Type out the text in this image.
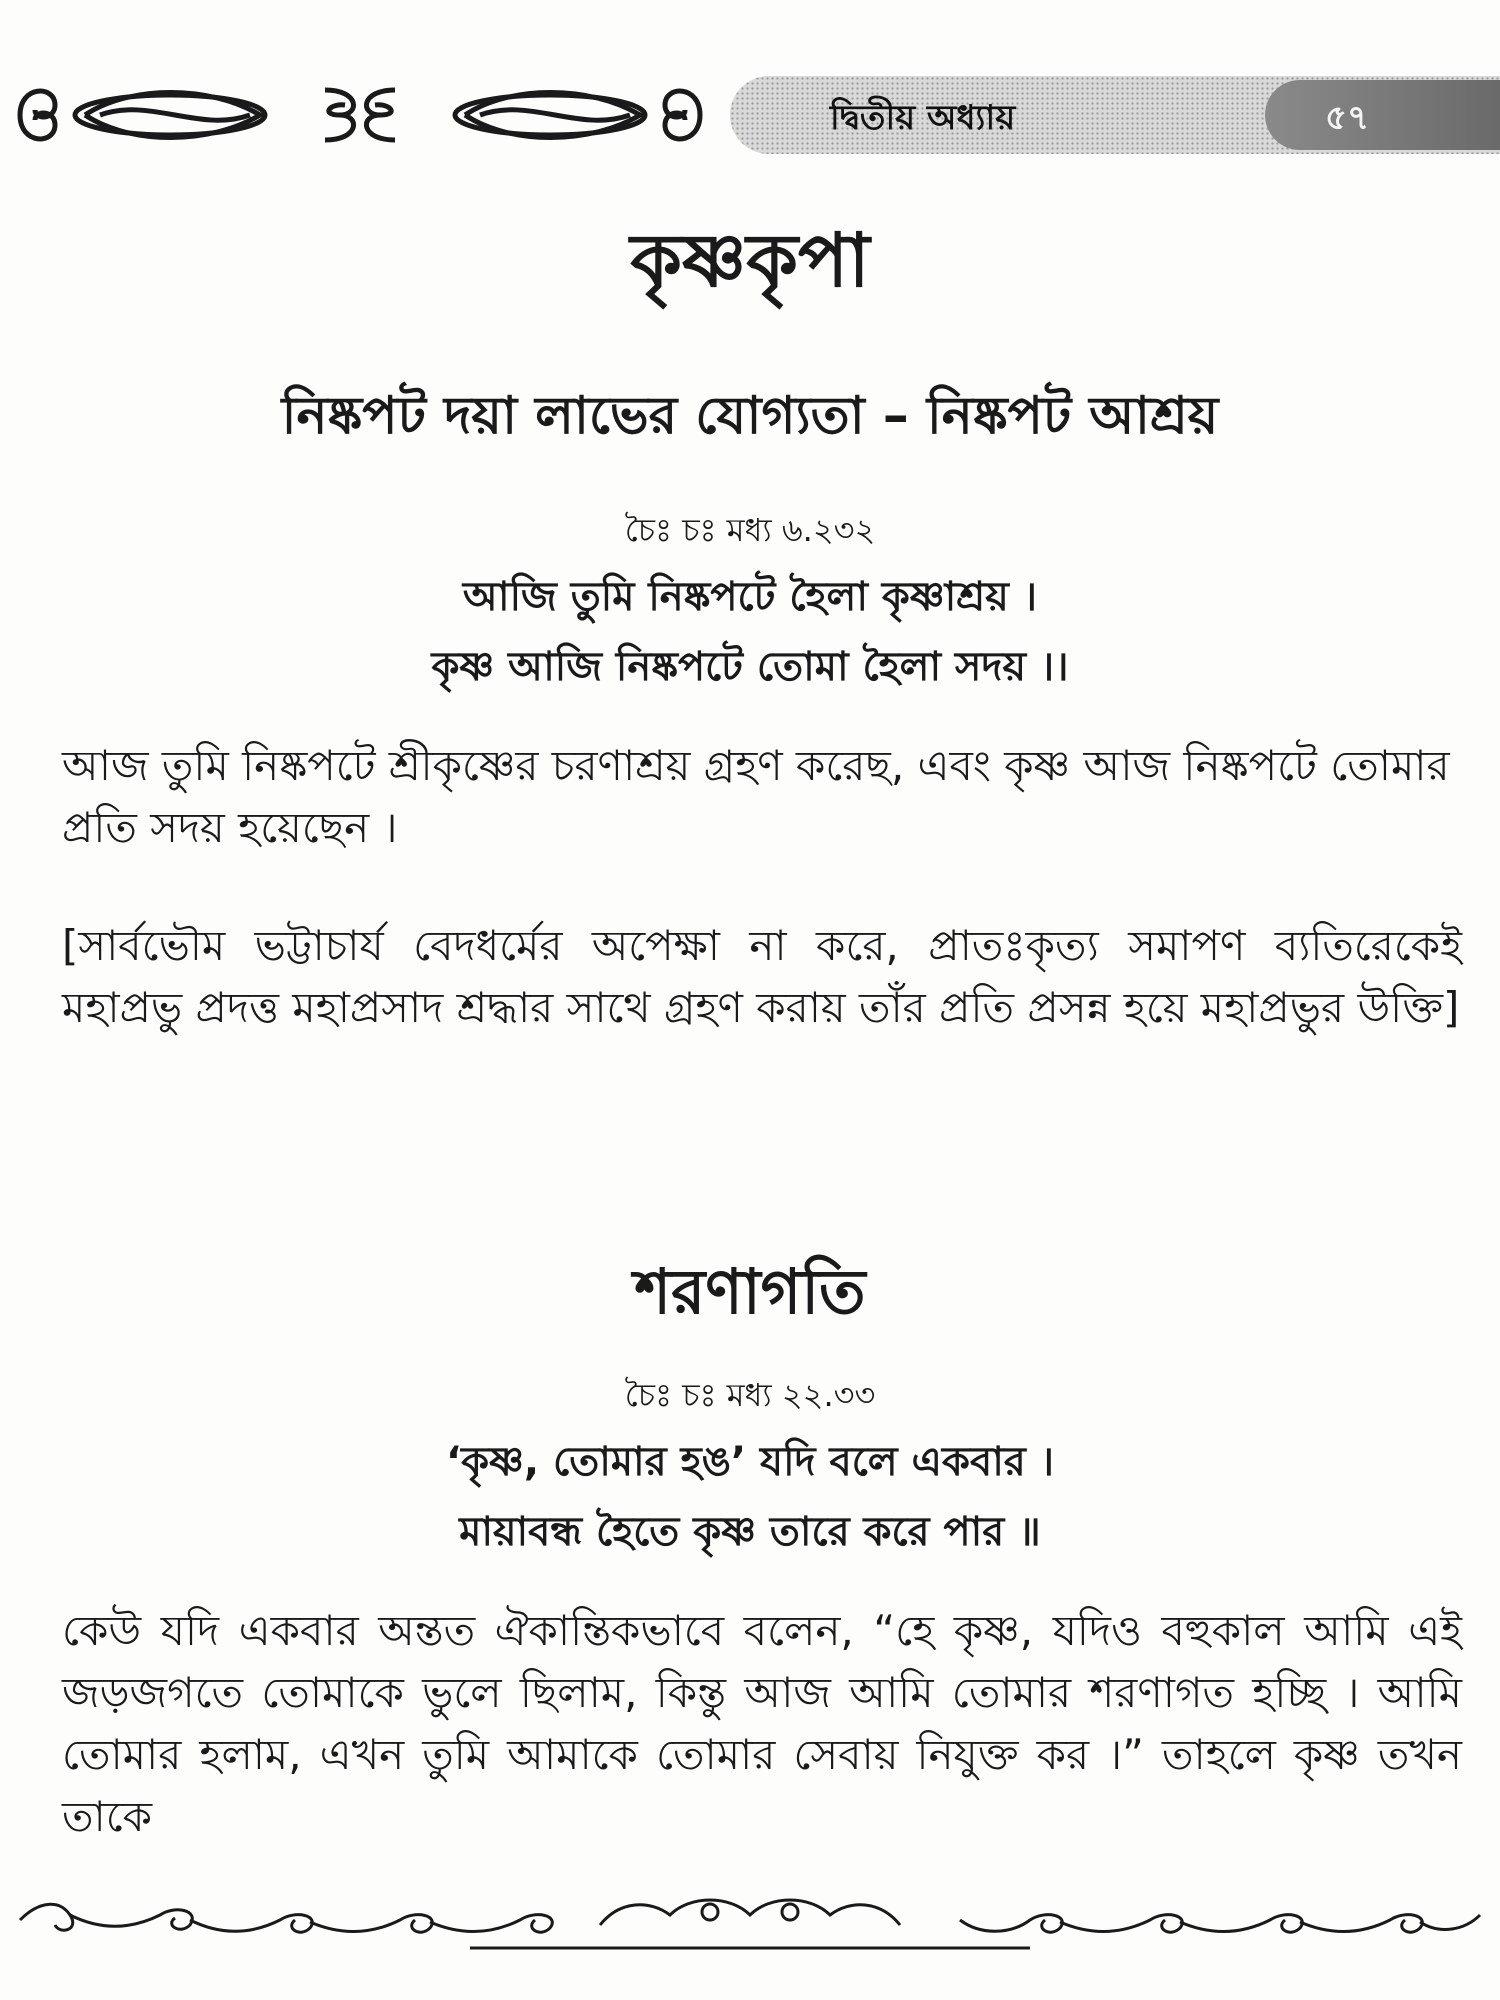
দ্বিতীয় অধ্যায়	৫৭
কৃষ্ণকৃপা
নিষ্কপট দয়া লাভের যোগ্যতা – নিষ্কপট আশ্রয়
চৈঃ চঃ মধ্য ৬.২৩২
আজি তুমি নিষ্কপটে হৈলা কৃষ্ণাশ্রয় ।
কৃষ্ণ আজি নিষ্কপটে তোমা হৈলা সদয় ।।

আজ তুমি নিষ্কপটে শ্রীকৃষ্ণের চরণাশ্রয় গ্রহণ করেছ, এবং কৃষ্ণ আজ নিষ্কপটে তোমার প্রতি সদয় হয়েছেন ।

[সার্বভৌম ভট্টাচার্য বেদধর্মের অপেক্ষা না করে, প্রাতঃকৃত্য সমাপণ ব্যতিরেকেই মহাপ্রভু প্রদত্ত মহাপ্রসাদ শ্রদ্ধার সাথে গ্রহণ করায় তাঁর প্রতি প্রসন্ন হয়ে মহাপ্রভুর উক্তি]

শরণাগতি
চৈঃ চঃ মধ্য ২২.৩৩
‘কৃষ্ণ, তোমার হঙ’ যদি বলে একবার ।
মায়াবন্ধ হৈতে কৃষ্ণ তারে করে পার ॥

কেউ যদি একবার অন্তত ঐকান্তিকভাবে বলেন, “হে কৃষ্ণ, যদিও বহুকাল আমি এই জড়জগতে তোমাকে ভুলে ছিলাম, কিন্তু আজ আমি তোমার শরণাগত হচ্ছি । আমি তোমার হলাম, এখন তুমি আমাকে তোমার সেবায় নিযুক্ত কর ।” তাহলে কৃষ্ণ তখন তাকে
